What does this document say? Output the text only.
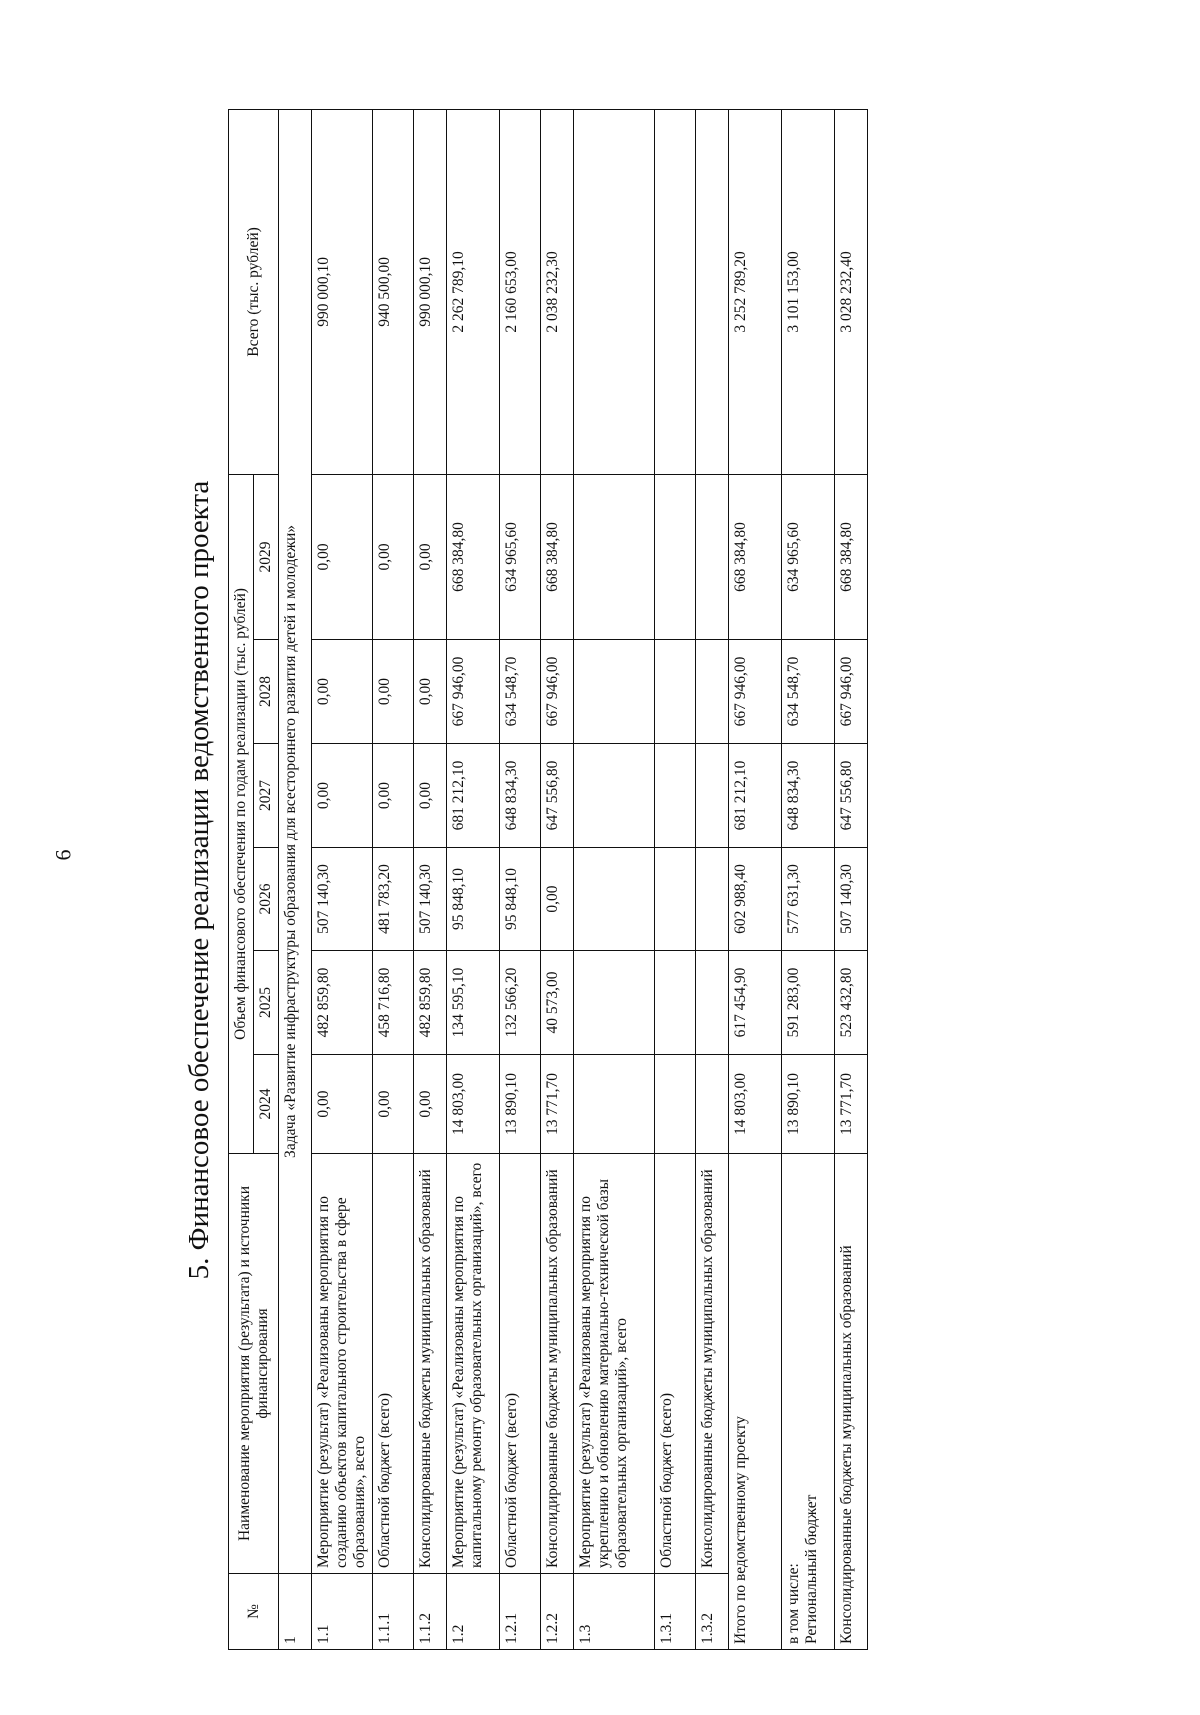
6	5. Финансовое обеспечение реализации ведомственного проекта
№	Наименование мероприятия (результата) и источники финансирования	Объем финансового обеспечения по годам реализации (тыс. рублей)						Всего (тыс. рублей)
		2024	2025	2026	2027	2028	2029	
1	Задача «Развитие инфраструктуры образования для всестороннего развития детей и молодежи»							
1.1	Мероприятие (результат) «Реализованы мероприятия по созданию объектов капитального строительства в сфере образования», всего	0,00	482 859,80	507 140,30	0,00	0,00	0,00	990 000,10
1.1.1	Областной бюджет (всего)	0,00	458 716,80	481 783,20	0,00	0,00	0,00	940 500,00
1.1.2	Консолидированные бюджеты муниципальных образований	0,00	482 859,80	507 140,30	0,00	0,00	0,00	990 000,10
1.2	Мероприятие (результат) «Реализованы мероприятия по капитальному ремонту образовательных организаций», всего	14 803,00	134 595,10	95 848,10	681 212,10	667 946,00	668 384,80	2 262 789,10
1.2.1	Областной бюджет (всего)	13 890,10	132 566,20	95 848,10	648 834,30	634 548,70	634 965,60	2 160 653,00
1.2.2	Консолидированные бюджеты муниципальных образований	13 771,70	40 573,00	0,00	647 556,80	667 946,00	668 384,80	2 038 232,30
1.3	Мероприятие (результат) «Реализованы мероприятия по укреплению и обновлению материально-технической базы образовательных организаций», всего							
1.3.1	Областной бюджет (всего)							
1.3.2	Консолидированные бюджеты муниципальных образований							
Итого по ведомственному проекту		14 803,00	617 454,90	602 988,40	681 212,10	667 946,00	668 384,80	3 252 789,20

в том числе: Региональный бюджет		13 890,10	591 283,00	577 631,30	648 834,30	634 548,70	634 965,60	3 101 153,00
Консолидированные бюджеты муниципальных образований		13 771,70	523 432,80	507 140,30	647 556,80	667 946,00	668 384,80	3 028 232,40
